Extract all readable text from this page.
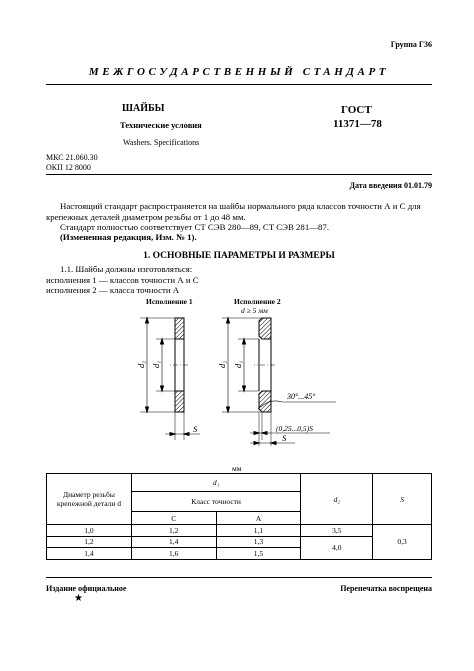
Группа Г36
МЕЖГОСУДАРСТВЕННЫЙ СТАНДАРТ
ШАЙБЫ
Технические условия
Washers. Specifications
ГОСТ
11371—78
МКС 21.060.30
ОКП 12 8000
Дата введения 01.01.79
Настоящий стандарт распространяется на шайбы нормального ряда классов точности А и С для крепежных деталей диаметром резьбы от 1 до 48 мм.
Стандарт полностью соответствует СТ СЭВ 280—89, СТ СЭВ 281—87.
(Измененная редакция, Изм. № 1).
1. ОСНОВНЫЕ ПАРАМЕТРЫ И РАЗМЕРЫ
1.1. Шайбы должны изготовляться:
исполнения 1 — классов точности А и С
исполнения 2 — класса точности А
Исполнение 1	Исполнение 2
d ≥ 5 мм
d₂ d₁
S
d₂ d₁
30°...45°
(0,25...0,5)S
S
мм
Диаметр резьбы крепежной детали d	d₁		d₂	S
	Класс точности			
	C	A		
1,0	1,2	1,1	3,5	0,3
1,2	1,4	1,3	4,0	
1,4	1,6	1,5		
Издание официальное
★
Перепечатка воспрещена
